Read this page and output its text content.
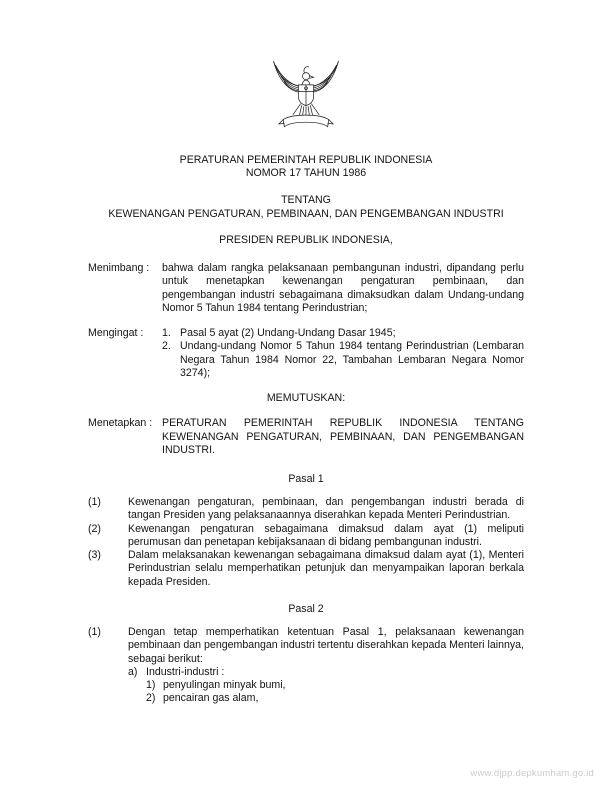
PERATURAN PEMERINTAH REPUBLIK INDONESIA
NOMOR 17 TAHUN 1986
TENTANG
KEWENANGAN PENGATURAN, PEMBINAAN, DAN PENGEMBANGAN INDUSTRI
PRESIDEN REPUBLIK INDONESIA,
Menimbang :	bahwa dalam rangka pelaksanaan pembangunan industri, dipandang perlu untuk menetapkan kewenangan pengaturan pembinaan, dan pengembangan industri sebagaimana dimaksudkan dalam Undang-undang Nomor 5 Tahun 1984 tentang Perindustrian;
Mengingat :	1. Pasal 5 ayat (2) Undang-Undang Dasar 1945;
2. Undang-undang Nomor 5 Tahun 1984 tentang Perindustrian (Lembaran Negara Tahun 1984 Nomor 22, Tambahan Lembaran Negara Nomor 3274);
MEMUTUSKAN:
Menetapkan : PERATURAN PEMERINTAH REPUBLIK INDONESIA TENTANG KEWENANGAN PENGATURAN, PEMBINAAN, DAN PENGEMBANGAN INDUSTRI.
Pasal 1
(1)	Kewenangan pengaturan, pembinaan, dan pengembangan industri berada di tangan Presiden yang pelaksanaannya diserahkan kepada Menteri Perindustrian.
(2)	Kewenangan pengaturan sebagaimana dimaksud dalam ayat (1) meliputi perumusan dan penetapan kebijaksanaan di bidang pembangunan industri.
(3)	Dalam melaksanakan kewenangan sebagaimana dimaksud dalam ayat (1), Menteri Perindustrian selalu memperhatikan petunjuk dan menyampaikan laporan berkala kepada Presiden.
Pasal 2
(1)	Dengan tetap memperhatikan ketentuan Pasal 1, pelaksanaan kewenangan pembinaan dan pengembangan industri tertentu diserahkan kepada Menteri lainnya, sebagai berikut:
a) Industri-industri :
1) penyulingan minyak bumi,
2) pencairan gas alam,
www.djpp.depkumham.go.id
